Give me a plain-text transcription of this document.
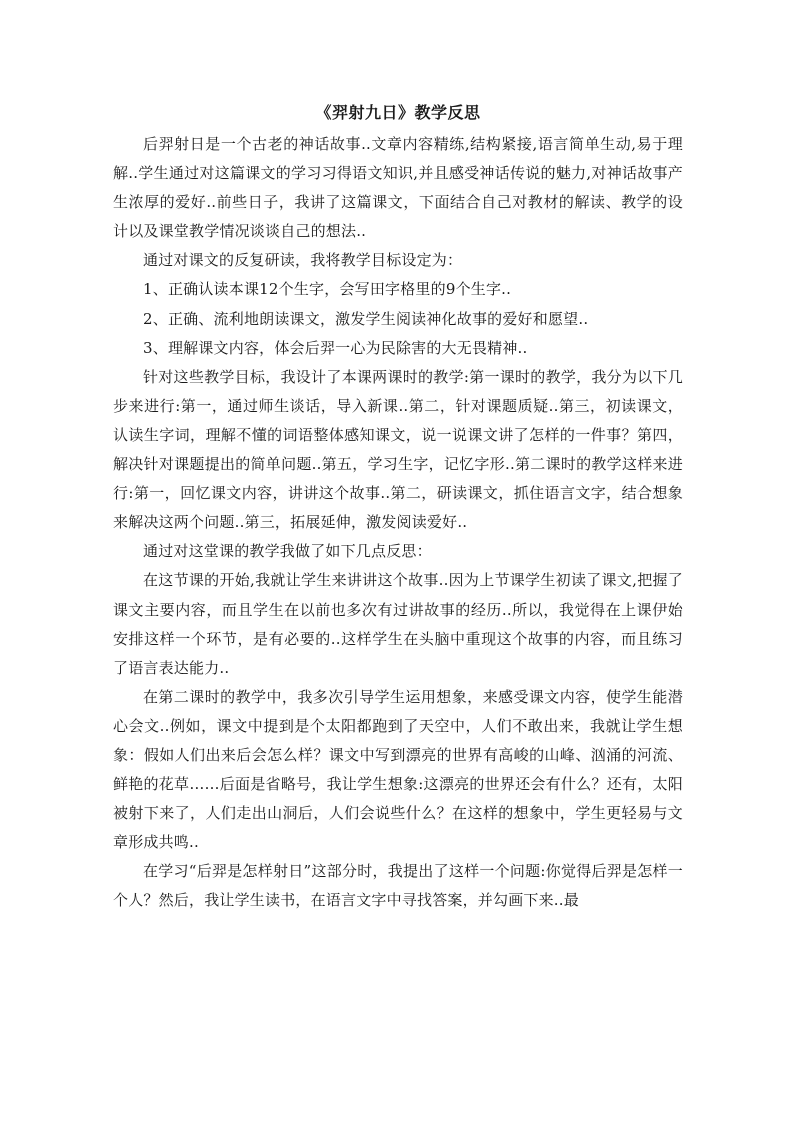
《羿射九日》教学反思

后羿射日是一个古老的神话故事..文章内容精练,结构紧接,语言简单生动,易于理解..学生通过对这篇课文的学习习得语文知识,并且感受神话传说的魅力,对神话故事产生浓厚的爱好..前些日子，我讲了这篇课文，下面结合自己对教材的解读、教学的设计以及课堂教学情况谈谈自己的想法..

通过对课文的反复研读，我将教学目标设定为：

1、正确认读本课12个生字，会写田字格里的9个生字..

2、正确、流利地朗读课文，激发学生阅读神化故事的爱好和愿望..

3、理解课文内容，体会后羿一心为民除害的大无畏精神..

针对这些教学目标，我设计了本课两课时的教学:第一课时的教学，我分为以下几步来进行:第一，通过师生谈话，导入新课..第二，针对课题质疑..第三，初读课文，认读生字词，理解不懂的词语整体感知课文，说一说课文讲了怎样的一件事？第四，解决针对课题提出的简单问题..第五，学习生字，记忆字形..第二课时的教学这样来进行:第一，回忆课文内容，讲讲这个故事..第二，研读课文，抓住语言文字，结合想象来解决这两个问题..第三，拓展延伸，激发阅读爱好..

通过对这堂课的教学我做了如下几点反思：

在这节课的开始,我就让学生来讲讲这个故事..因为上节课学生初读了课文,把握了课文主要内容，而且学生在以前也多次有过讲故事的经历..所以，我觉得在上课伊始安排这样一个环节，是有必要的..这样学生在头脑中重现这个故事的内容，而且练习了语言表达能力..

在第二课时的教学中，我多次引导学生运用想象，来感受课文内容，使学生能潜心会文..例如，课文中提到是个太阳都跑到了天空中，人们不敢出来，我就让学生想象：假如人们出来后会怎么样？课文中写到漂亮的世界有高峻的山峰、汹涌的河流、鲜艳的花草……后面是省略号，我让学生想象:这漂亮的世界还会有什么？还有，太阳被射下来了，人们走出山洞后，人们会说些什么？在这样的想象中，学生更轻易与文章形成共鸣..

在学习“后羿是怎样射日”这部分时，我提出了这样一个问题:你觉得后羿是怎样一个人？然后，我让学生读书，在语言文字中寻找答案，并勾画下来..最
